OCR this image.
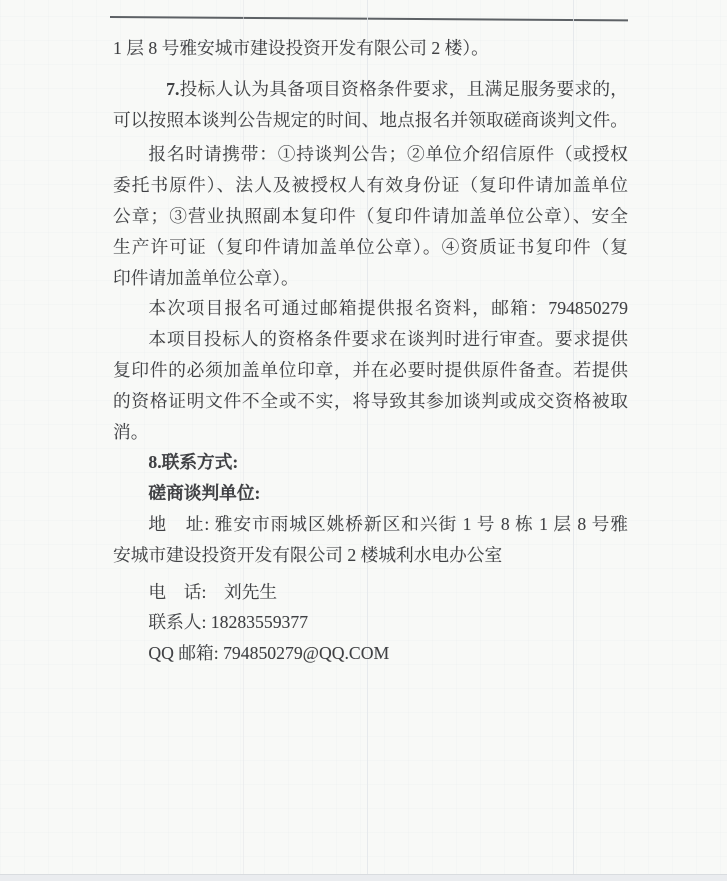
1 层 8 号雅安城市建设投资开发有限公司 2 楼）。
7.投标人认为具备项目资格条件要求，且满足服务要求的，
可以按照本谈判公告规定的时间、地点报名并领取磋商谈判文件。
报名时请携带：①持谈判公告；②单位介绍信原件（或授权
委托书原件）、法人及被授权人有效身份证（复印件请加盖单位
公章；③营业执照副本复印件（复印件请加盖单位公章）、安全
生产许可证（复印件请加盖单位公章）。④资质证书复印件（复
印件请加盖单位公章）。
本次项目报名可通过邮箱提供报名资料，邮箱：794850279
本项目投标人的资格条件要求在谈判时进行审查。要求提供
复印件的必须加盖单位印章，并在必要时提供原件备查。若提供
的资格证明文件不全或不实，将导致其参加谈判或成交资格被取
消。
8.联系方式:
磋商谈判单位:
地　址: 雅安市雨城区姚桥新区和兴街 1 号 8 栋 1 层 8 号雅
安城市建设投资开发有限公司 2 楼城利水电办公室
电　话:　刘先生
联系人: 18283559377
QQ 邮箱: 794850279@QQ.COM
